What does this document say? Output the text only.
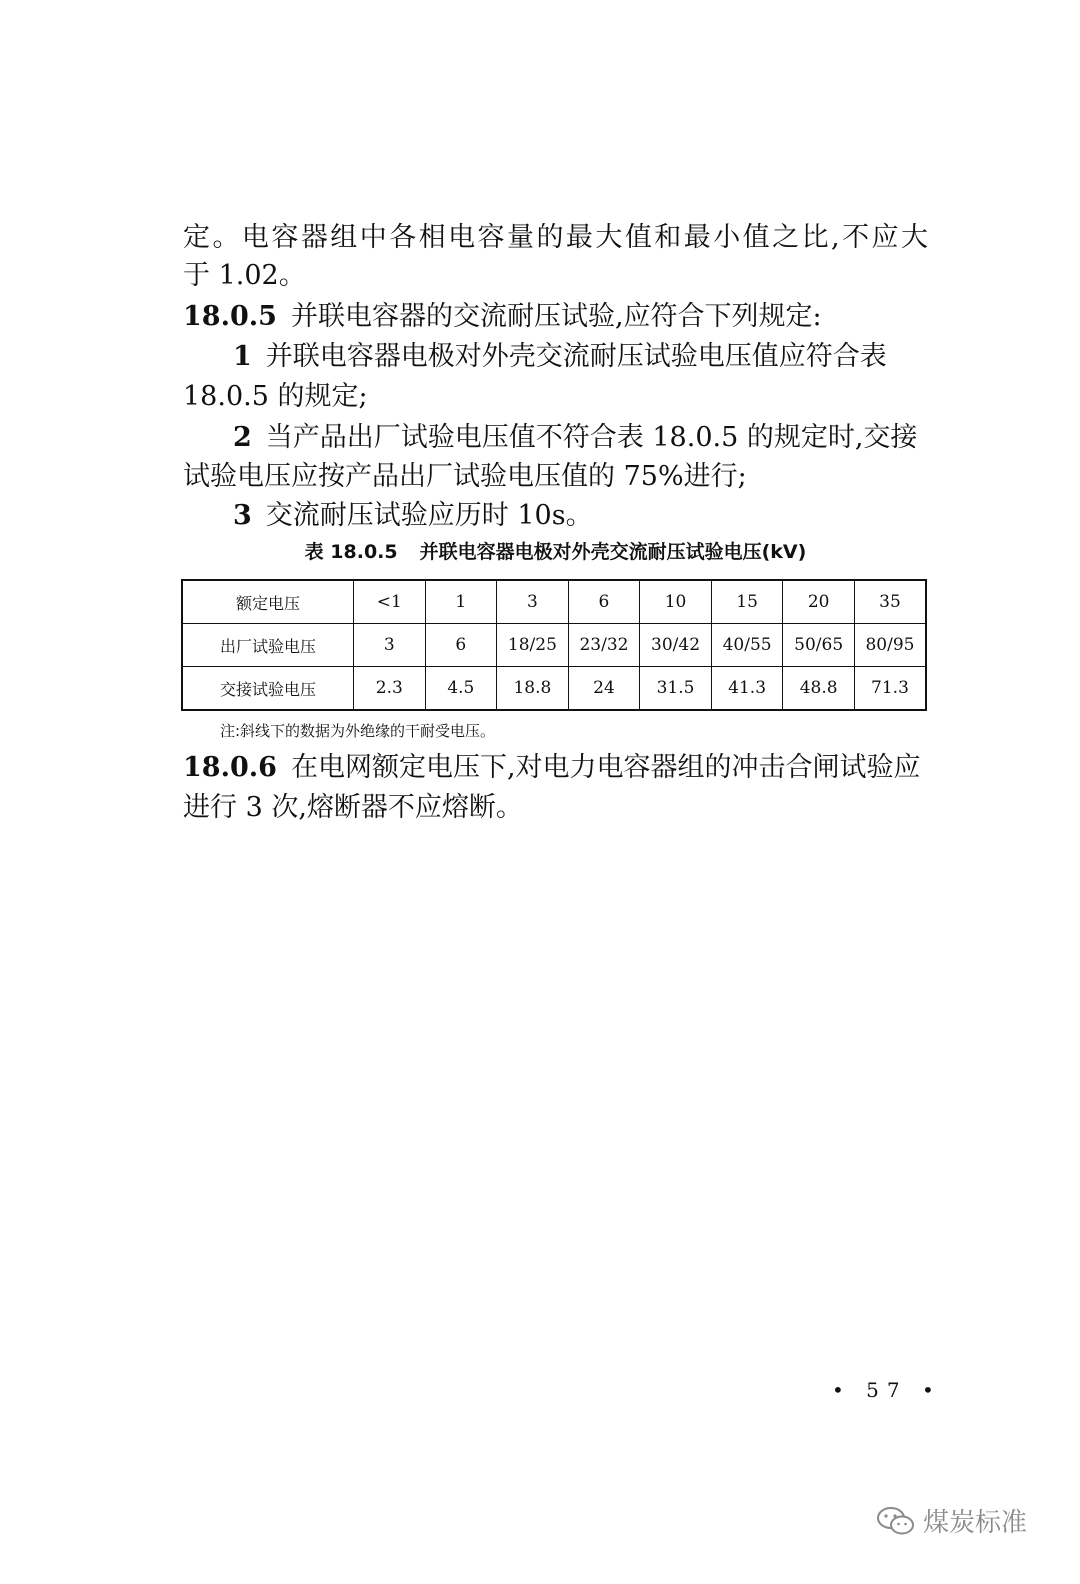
定。电容器组中各相电容量的最大值和最小值之比,不应大

于 1.02。

18.0.5 并联电容器的交流耐压试验,应符合下列规定:

1 并联电容器电极对外壳交流耐压试验电压值应符合表

18.0.5 的规定;

2 当产品出厂试验电压值不符合表 18.0.5 的规定时,交接

试验电压应按产品出厂试验电压值的 75%进行;

3 交流耐压试验应历时 10s。

表 18.0.5 并联电容器电极对外壳交流耐压试验电压(kV)
额定电压	<1	1	3	6	10	15	20	35
出厂试验电压	3	6	18/25	23/32	30/42	40/55	50/65	80/95
交接试验电压	2.3	4.5	18.8	24	31.5	41.3	48.8	71.3
注:斜线下的数据为外绝缘的干耐受电压。

18.0.6 在电网额定电压下,对电力电容器组的冲击合闸试验应

进行 3 次,熔断器不应熔断。

• 57 •
煤炭标准
